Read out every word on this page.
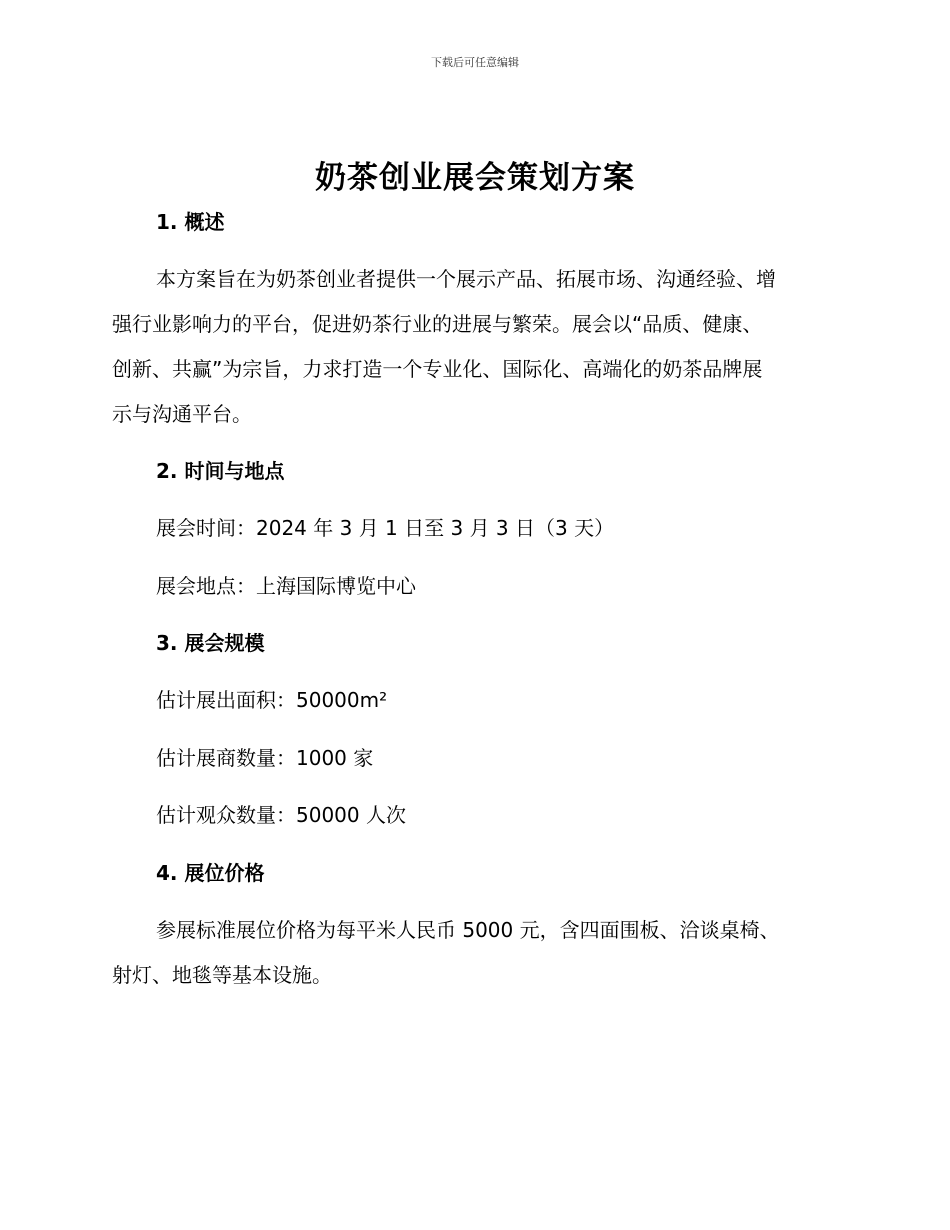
下载后可任意编辑
奶茶创业展会策划方案
1. 概述
本方案旨在为奶茶创业者提供一个展示产品、拓展市场、沟通经验、增
强行业影响力的平台，促进奶茶行业的进展与繁荣。展会以“品质、健康、
创新、共赢”为宗旨，力求打造一个专业化、国际化、高端化的奶茶品牌展
示与沟通平台。
2. 时间与地点
展会时间：2024 年 3 月 1 日至 3 月 3 日（3 天）
展会地点：上海国际博览中心
3. 展会规模
估计展出面积：50000m²
估计展商数量：1000 家
估计观众数量：50000 人次
4. 展位价格
参展标准展位价格为每平米人民币 5000 元，含四面围板、洽谈桌椅、
射灯、地毯等基本设施。
